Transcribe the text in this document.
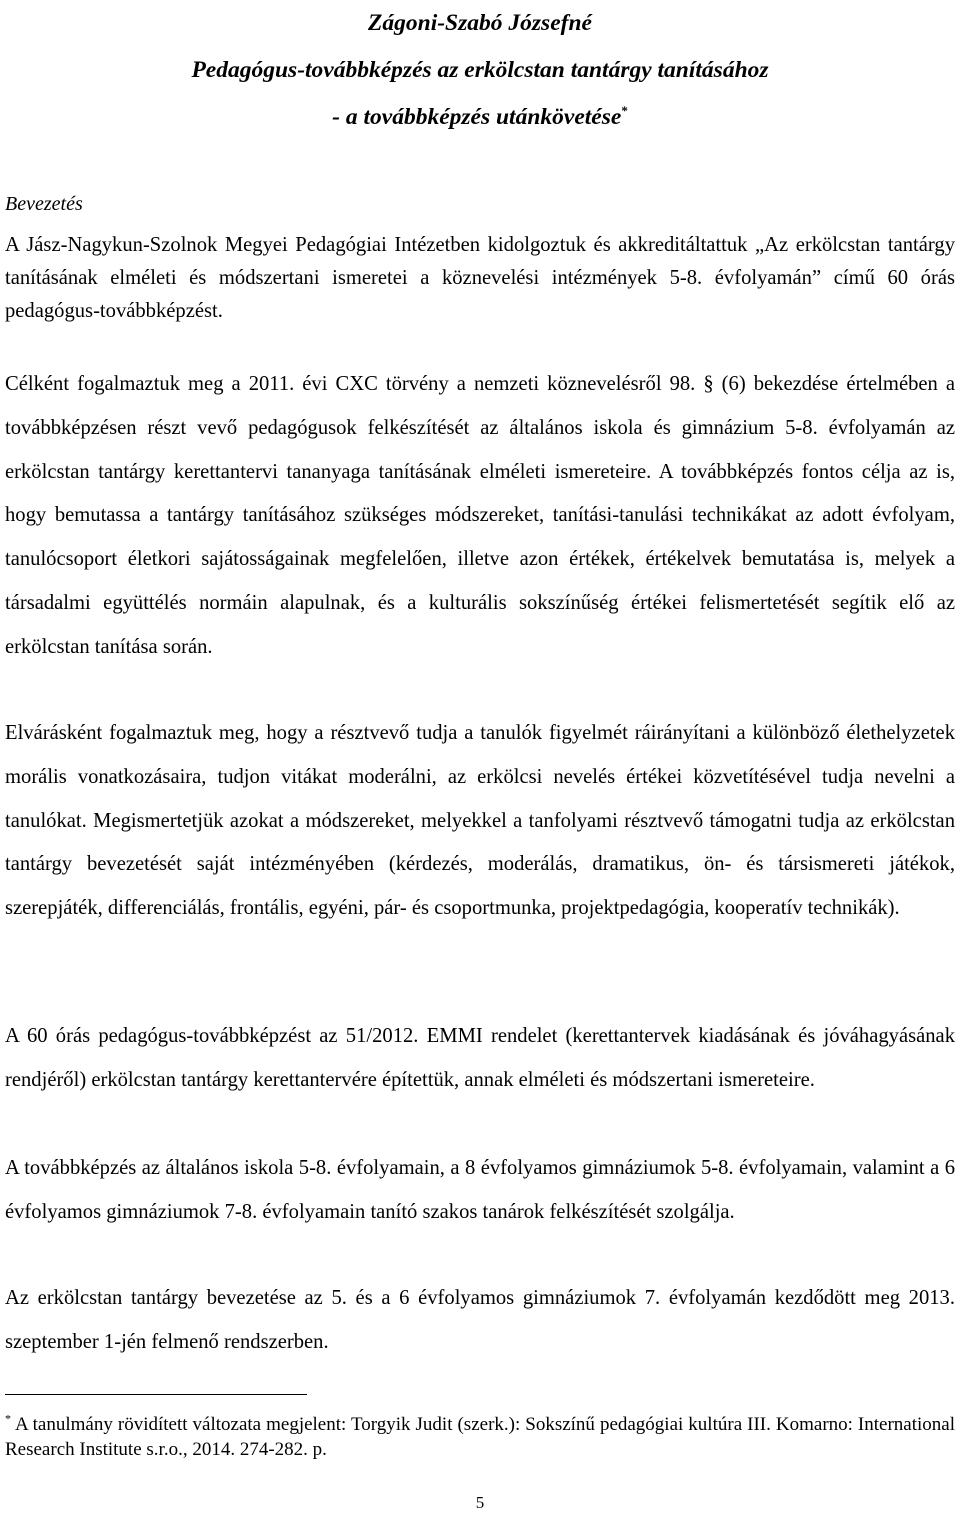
Zágoni-Szabó Józsefné
Pedagógus-továbbképzés az erkölcstan tantárgy tanításához
- a továbbképzés utánkövetése*
Bevezetés

A Jász-Nagykun-Szolnok Megyei Pedagógiai Intézetben kidolgoztuk és akkreditáltattuk „Az erkölcstan tantárgy tanításának elméleti és módszertani ismeretei a köznevelési intézmények 5-8. évfolyamán” című 60 órás pedagógus-továbbképzést.

Célként fogalmaztuk meg a 2011. évi CXC törvény a nemzeti köznevelésről 98. § (6) bekezdése értelmében a továbbképzésen részt vevő pedagógusok felkészítését az általános iskola és gimnázium 5-8. évfolyamán az erkölcstan tantárgy kerettantervi tananyaga tanításának elméleti ismereteire. A továbbképzés fontos célja az is, hogy bemutassa a tantárgy tanításához szükséges módszereket, tanítási-tanulási technikákat az adott évfolyam, tanulócsoport életkori sajátosságainak megfelelően, illetve azon értékek, értékelvek bemutatása is, melyek a társadalmi együttélés normáin alapulnak, és a kulturális sokszínűség értékei felismertetését segítik elő az erkölcstan tanítása során.

Elvárásként fogalmaztuk meg, hogy a résztvevő tudja a tanulók figyelmét ráirányítani a különböző élethelyzetek morális vonatkozásaira, tudjon vitákat moderálni, az erkölcsi nevelés értékei közvetítésével tudja nevelni a tanulókat. Megismertetjük azokat a módszereket, melyekkel a tanfolyami résztvevő támogatni tudja az erkölcstan tantárgy bevezetését saját intézményében (kérdezés, moderálás, dramatikus, ön- és társismereti játékok, szerepjáték, differenciálás, frontális, egyéni, pár- és csoportmunka, projektpedagógia, kooperatív technikák).

A 60 órás pedagógus-továbbképzést az 51/2012. EMMI rendelet (kerettantervek kiadásának és jóváhagyásának rendjéről) erkölcstan tantárgy kerettantervére építettük, annak elméleti és módszertani ismereteire.

A továbbképzés az általános iskola 5-8. évfolyamain, a 8 évfolyamos gimnáziumok 5-8. évfolyamain, valamint a 6 évfolyamos gimnáziumok 7-8. évfolyamain tanító szakos tanárok felkészítését szolgálja.

Az erkölcstan tantárgy bevezetése az 5. és a 6 évfolyamos gimnáziumok 7. évfolyamán kezdődött meg 2013. szeptember 1-jén felmenő rendszerben.

* A tanulmány rövidített változata megjelent: Torgyik Judit (szerk.): Sokszínű pedagógiai kultúra III. Komarno: International Research Institute s.r.o., 2014. 274-282. p.
5
